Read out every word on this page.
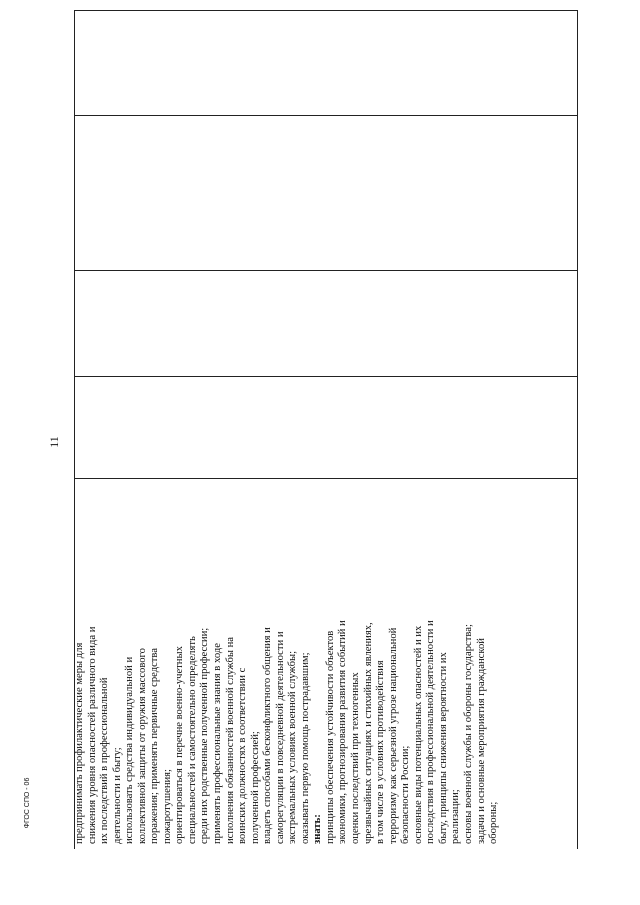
11
ФГОС СПО - 06	предпринимать профилактические меры для снижения уровня опасностей различного вида и их последствий в профессиональной деятельности и быту; использовать средства индивидуальной и коллективной защиты от оружия массового поражения; применять первичные средства пожаротушения; ориентироваться в перечне военно-учетных специальностей и самостоятельно определять среди них родственные полученной профессии; применять профессиональные знания в ходе исполнения обязанностей военной службы на воинских должностях в соответствии с полученной профессией; владеть способами бесконфликтного общения и саморегуляции в повседневной деятельности и экстремальных условиях военной службы; оказывать первую помощь пострадавшим; знать: принципы обеспечения устойчивости объектов экономики, прогнозирования развития событий и оценки последствий при техногенных чрезвычайных ситуациях и стихийных явлениях, в том числе в условиях противодействия терроризму как серьезной угрозе национальной безопасности России; основные виды потенциальных опасностей и их последствия в профессиональной деятельности и быту, принципы снижения вероятности их реализации; основы военной службы и обороны государства; задачи и основные мероприятия гражданской обороны;
